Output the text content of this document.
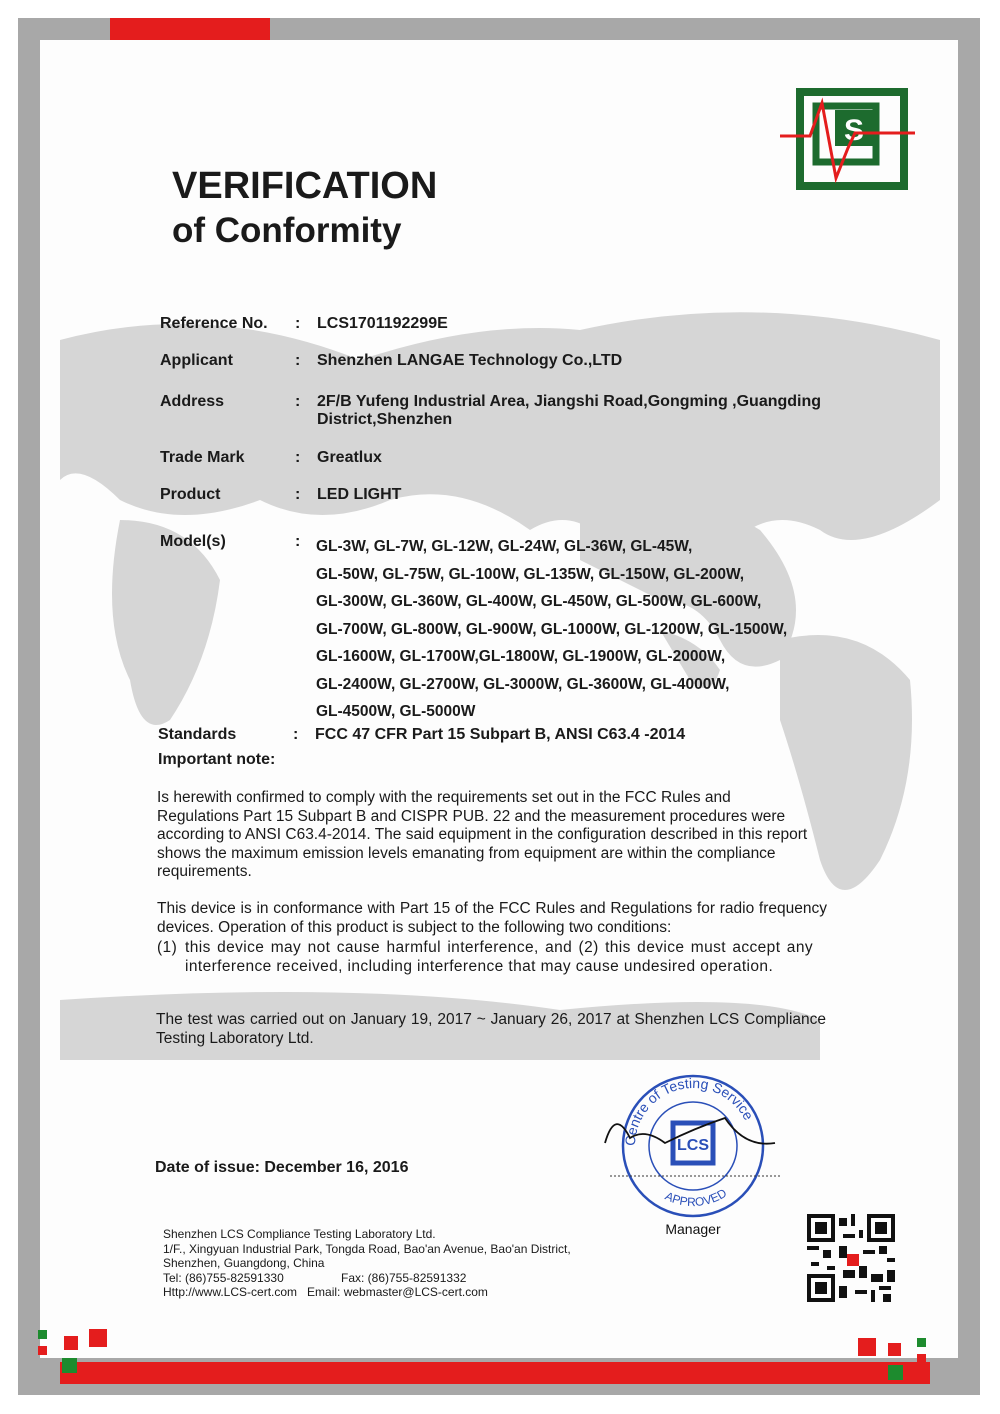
S
VERIFICATION
of Conformity
Reference No. : LCS1701192299E
Applicant	: Shenzhen LANGAE Technology Co.,LTD
Address	: 2F/B Yufeng Industrial Area, Jiangshi Road,Gongming ,Guangding District,Shenzhen
Trade Mark	: Greatlux
Product	: LED LIGHT
Model(s)	: GL-3W, GL-7W, GL-12W, GL-24W, GL-36W, GL-45W,
GL-50W, GL-75W, GL-100W, GL-135W, GL-150W, GL-200W,
GL-300W, GL-360W, GL-400W, GL-450W, GL-500W, GL-600W,
GL-700W, GL-800W, GL-900W, GL-1000W, GL-1200W, GL-1500W,
GL-1600W, GL-1700W,GL-1800W, GL-1900W, GL-2000W,
GL-2400W, GL-2700W, GL-3000W, GL-3600W, GL-4000W,
GL-4500W, GL-5000W
Standards	: FCC 47 CFR Part 15 Subpart B, ANSI C63.4 -2014
Important note:
Is herewith confirmed to comply with the requirements set out in the FCC Rules and Regulations Part 15 Subpart B and CISPR PUB. 22 and the measurement procedures were according to ANSI C63.4-2014. The said equipment in the configuration described in this report shows the maximum emission levels emanating from equipment are within the compliance requirements.
This device is in conformance with Part 15 of the FCC Rules and Regulations for radio frequency devices. Operation of this product is subject to the following two conditions:
(1) this device may not cause harmful interference, and (2) this device must accept any interference received, including interference that may cause undesired operation.
The test was carried out on January 19, 2017 ~ January 26, 2017 at Shenzhen LCS Compliance Testing Laboratory Ltd.
Date of issue: December 16, 2016
Centre of Testing Service
APPROVED
LCS
Manager
Shenzhen LCS Compliance Testing Laboratory Ltd.
1/F., Xingyuan Industrial Park, Tongda Road, Bao'an Avenue, Bao'an District,
Shenzhen, Guangdong, China
Tel: (86)755-82591330	Fax: (86)755-82591332
Http://www.LCS-cert.com Email: webmaster@LCS-cert.com
